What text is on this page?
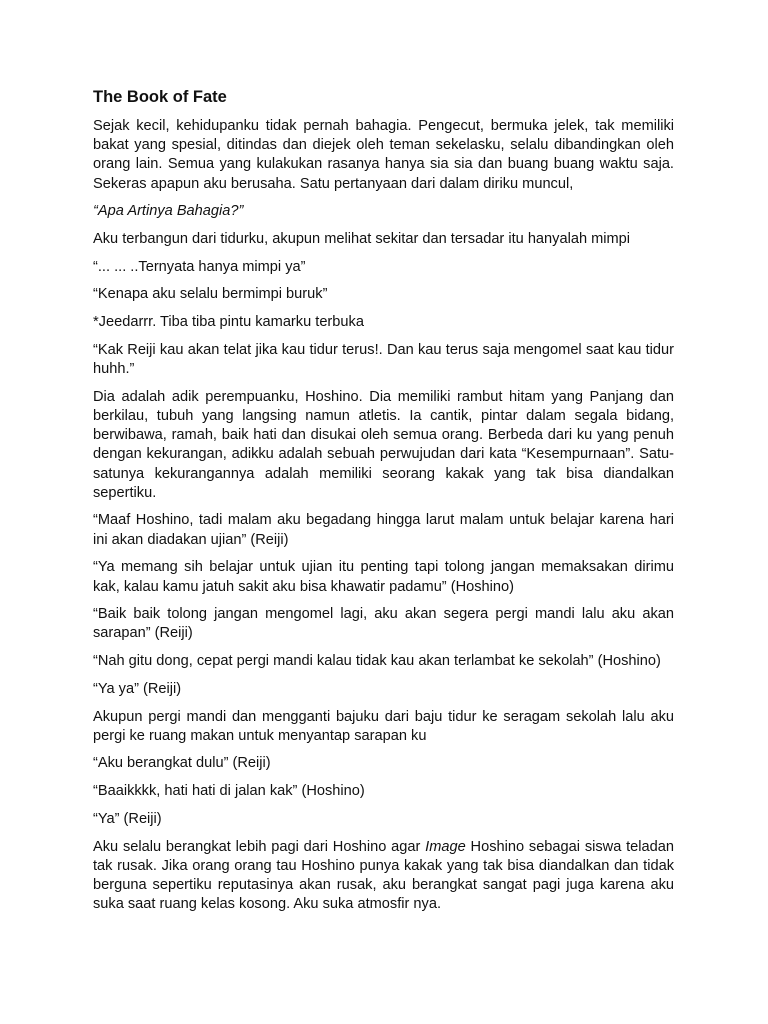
The Book of Fate

Sejak kecil, kehidupanku tidak pernah bahagia. Pengecut, bermuka jelek, tak memiliki bakat yang spesial, ditindas dan diejek oleh teman sekelasku, selalu dibandingkan oleh orang lain. Semua yang kulakukan rasanya hanya sia sia dan buang buang waktu saja. Sekeras apapun aku berusaha. Satu pertanyaan dari dalam diriku muncul,

“Apa Artinya Bahagia?”

Aku terbangun dari tidurku, akupun melihat sekitar dan tersadar itu hanyalah mimpi

“... ... ..Ternyata hanya mimpi ya”

“Kenapa aku selalu bermimpi buruk”

*Jeedarrr. Tiba tiba pintu kamarku terbuka

“Kak Reiji kau akan telat jika kau tidur terus!. Dan kau terus saja mengomel saat kau tidur huhh.”

Dia adalah adik perempuanku, Hoshino. Dia memiliki rambut hitam yang Panjang dan berkilau, tubuh yang langsing namun atletis. Ia cantik, pintar dalam segala bidang, berwibawa, ramah, baik hati dan disukai oleh semua orang. Berbeda dari ku yang penuh dengan kekurangan, adikku adalah sebuah perwujudan dari kata “Kesempurnaan”. Satu-satunya kekurangannya adalah memiliki seorang kakak yang tak bisa diandalkan sepertiku.

“Maaf Hoshino, tadi malam aku begadang hingga larut malam untuk belajar karena hari ini akan diadakan ujian” (Reiji)

“Ya memang sih belajar untuk ujian itu penting tapi tolong jangan memaksakan dirimu kak, kalau kamu jatuh sakit aku bisa khawatir padamu” (Hoshino)

“Baik baik tolong jangan mengomel lagi, aku akan segera pergi mandi lalu aku akan sarapan” (Reiji)

“Nah gitu dong, cepat pergi mandi kalau tidak kau akan terlambat ke sekolah” (Hoshino)

“Ya ya” (Reiji)

Akupun pergi mandi dan mengganti bajuku dari baju tidur ke seragam sekolah lalu aku pergi ke ruang makan untuk menyantap sarapan ku

“Aku berangkat dulu” (Reiji)

“Baaikkkk, hati hati di jalan kak” (Hoshino)

“Ya” (Reiji)

Aku selalu berangkat lebih pagi dari Hoshino agar Image Hoshino sebagai siswa teladan tak rusak. Jika orang orang tau Hoshino punya kakak yang tak bisa diandalkan dan tidak berguna sepertiku reputasinya akan rusak, aku berangkat sangat pagi juga karena aku suka saat ruang kelas kosong. Aku suka atmosfir nya.
